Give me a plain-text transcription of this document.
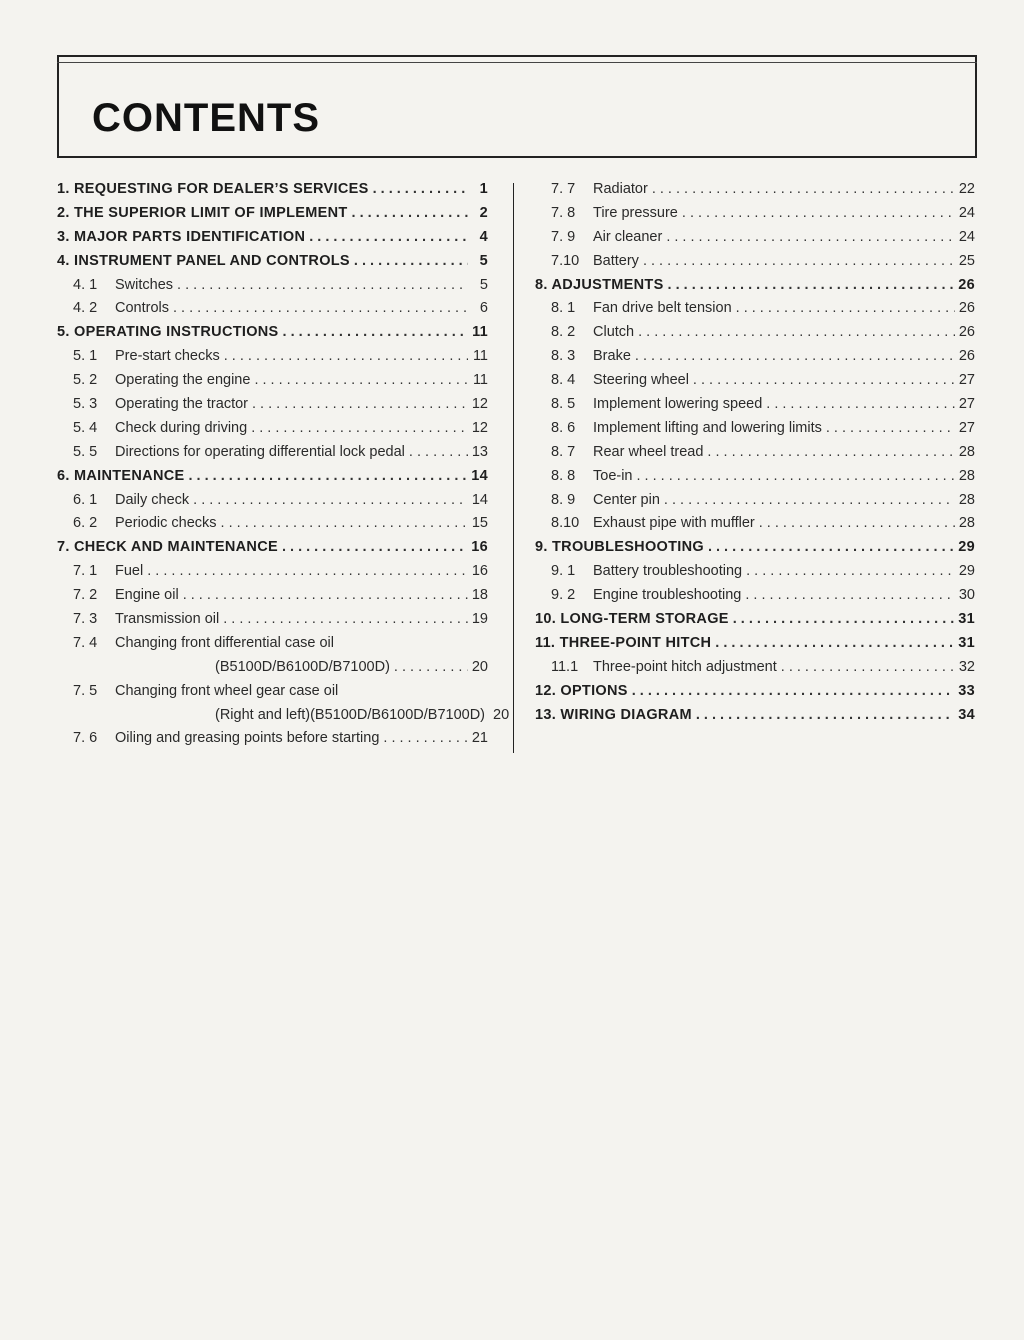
CONTENTS
1. REQUESTING FOR DEALER’S SERVICES . . .	1
2. THE SUPERIOR LIMIT OF IMPLEMENT . . .	2
3. MAJOR PARTS IDENTIFICATION . . .	4
4. INSTRUMENT PANEL AND CONTROLS . . .	5
4. 1	Switches . . .	5
4. 2	Controls . . .	6
5. OPERATING INSTRUCTIONS . . .	11
5. 1	Pre-start checks . . .	11
5. 2	Operating the engine . . .	11
5. 3	Operating the tractor . . .	12
5. 4	Check during driving . . .	12
5. 5	Directions for operating differential lock pedal . . .	13
6. MAINTENANCE . . .	14
6. 1	Daily check . . .	14
6. 2	Periodic checks . . .	15
7. CHECK AND MAINTENANCE . . .	16
7. 1	Fuel . . .	16
7. 2	Engine oil . . .	18
7. 3	Transmission oil . . .	19
7. 4	Changing front differential case oil
(B5100D/B6100D/B7100D) . . .	20
7. 5	Changing front wheel gear case oil
(Right and left)(B5100D/B6100D/B7100D) 20
7. 6	Oiling and greasing points before starting . . .	21
7. 7	Radiator . . .	22
7. 8	Tire pressure . . .	24
7. 9	Air cleaner . . .	24
7.10 Battery . . .	25
8. ADJUSTMENTS . . .	26
8. 1	Fan drive belt tension . . .	26
8. 2	Clutch . . .	26
8. 3	Brake . . .	26
8. 4	Steering wheel . . .	27
8. 5	Implement lowering speed . . .	27
8. 6	Implement lifting and lowering limits . . .	27
8. 7	Rear wheel tread . . .	28
8. 8	Toe-in . . .	28
8. 9	Center pin . . .	28
8.10 Exhaust pipe with muffler . . .	28
9. TROUBLESHOOTING . . .	29
9. 1	Battery troubleshooting . . .	29
9. 2	Engine troubleshooting . . .	30
10. LONG-TERM STORAGE . . .	31
11. THREE-POINT HITCH . . .	31
11.1	Three-point hitch adjustment . . .	32
12. OPTIONS . . .	33
13. WIRING DIAGRAM . . .	34
